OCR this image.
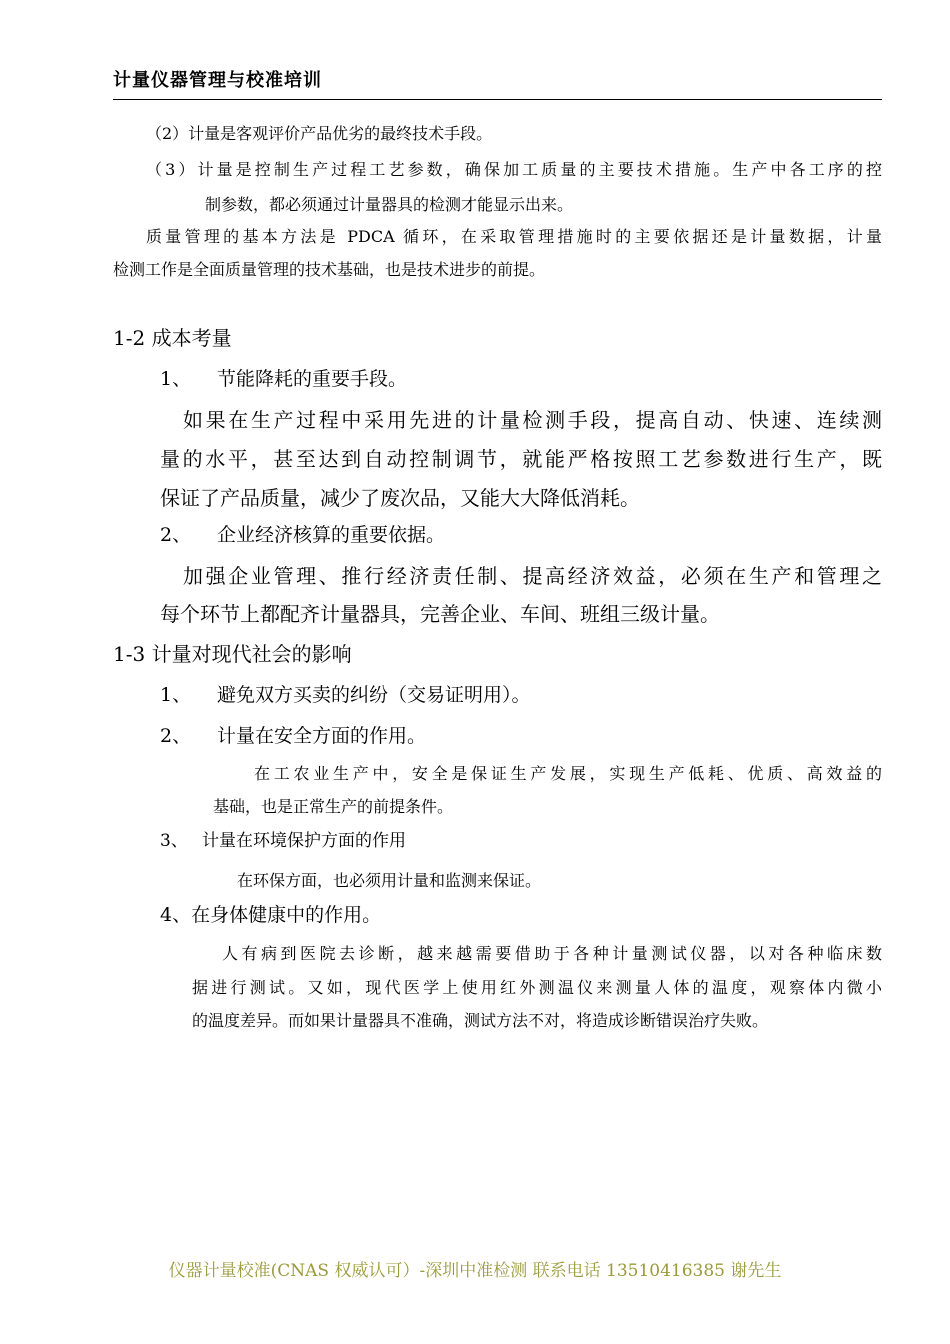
计量仪器管理与校准培训
（2）计量是客观评价产品优劣的最终技术手段。
（3）计量是控制生产过程工艺参数，确保加工质量的主要技术措施。生产中各工序的控
制参数，都必须通过计量器具的检测才能显示出来。
质量管理的基本方法是 PDCA 循环，在采取管理措施时的主要依据还是计量数据，计量
检测工作是全面质量管理的技术基础，也是技术进步的前提。
1-2 成本考量
1、 节能降耗的重要手段。
如果在生产过程中采用先进的计量检测手段，提高自动、快速、连续测
量的水平，甚至达到自动控制调节，就能严格按照工艺参数进行生产，既
保证了产品质量，减少了废次品，又能大大降低消耗。
2、 企业经济核算的重要依据。
加强企业管理、推行经济责任制、提高经济效益，必须在生产和管理之
每个环节上都配齐计量器具，完善企业、车间、班组三级计量。
1-3 计量对现代社会的影响
1、 避免双方买卖的纠纷（交易证明用）。
2、 计量在安全方面的作用。
在工农业生产中，安全是保证生产发展，实现生产低耗、优质、高效益的
基础，也是正常生产的前提条件。
3、 计量在环境保护方面的作用
在环保方面，也必须用计量和监测来保证。
4、在身体健康中的作用。
人有病到医院去诊断，越来越需要借助于各种计量测试仪器，以对各种临床数
据进行测试。又如，现代医学上使用红外测温仪来测量人体的温度，观察体内微小
的温度差异。而如果计量器具不准确，测试方法不对，将造成诊断错误治疗失败。
仪器计量校准(CNAS 权威认可）-深圳中准检测 联系电话 13510416385 谢先生
